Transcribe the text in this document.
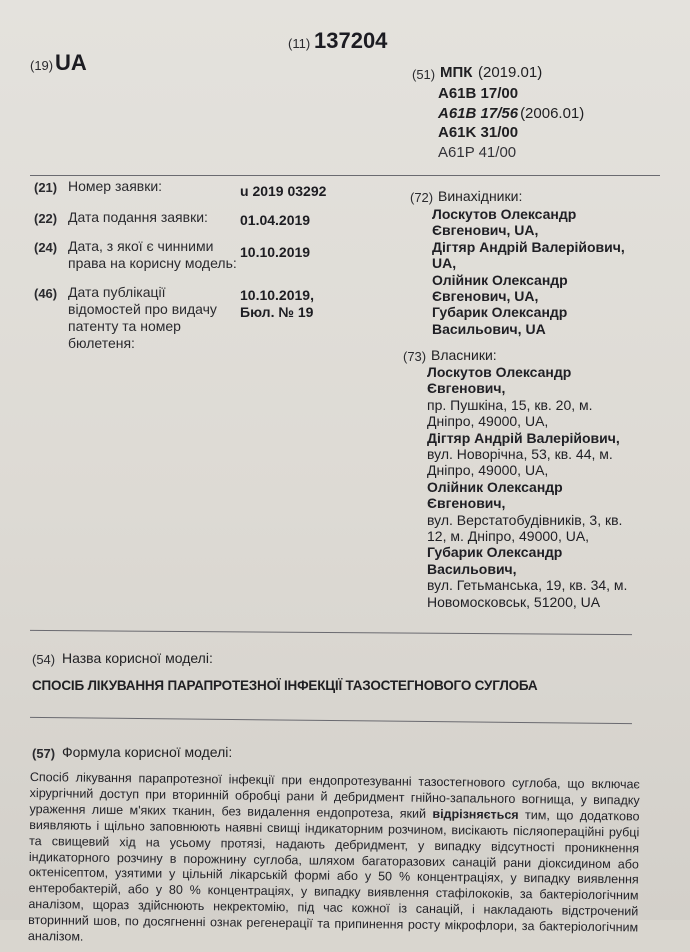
(11) 137204
(19) UA	(51) МПК (2019.01)
A61B 17/00
A61B 17/56 (2006.01)
A61K 31/00
A61P 41/00
(21) Номер заявки:	u 2019 03292
(22) Дата подання заявки:	01.04.2019
(24) Дата, з якої є чинними права на корисну модель:
10.10.2019
(46) Дата публікації відомостей про видачу патенту та номер бюлетеня:
10.10.2019, Бюл. № 19
(72) Винахідники:
Лоскутов Олександр
Євгенович, UA,
Дігтяр Андрій Валерійович,
UA,
Олійник Олександр
Євгенович, UA,
Губарик Олександр
Васильович, UA
(73) Власники:
Лоскутов Олександр
Євгенович,
пр. Пушкіна, 15, кв. 20, м.
Дніпро, 49000, UA,
Дігтяр Андрій Валерійович,
вул. Новорічна, 53, кв. 44, м.
Дніпро, 49000, UA,
Олійник Олександр
Євгенович,
вул. Верстатобудівників, 3, кв.
12, м. Дніпро, 49000, UA,
Губарик Олександр
Васильович,
вул. Гетьманська, 19, кв. 34, м.
Новомосковськ, 51200, UA
(54) Назва корисної моделі:
СПОСІБ ЛІКУВАННЯ ПАРАПРОТЕЗНОЇ ІНФЕКЦІЇ ТАЗОСТЕГНОВОГО СУГЛОБА
(57) Формула корисної моделі:
Спосіб лікування парапротезної інфекції при ендопротезуванні тазостегнового суглоба, що включає хірургічний доступ при вторинній обробці рани й дебридмент гнійно-запального вогнища, у випадку ураження лише м'яких тканин, без видалення ендопротеза, який відрізняється тим, що додатково виявляють і щільно заповнюють наявні свищі індикаторним розчином, висікають післяопераційні рубці та свищевий хід на усьому протязі, надають дебридмент, у випадку відсутності проникнення індикаторного розчину в порожнину суглоба, шляхом багаторазових санацій рани діоксидином або октенісептом, узятими у цільній лікарській формі або у 50 % концентраціях, у випадку виявлення ентеробактерій, або у 80 % концентраціях, у випадку виявлення стафілококів, за бактеріологічним аналізом, щораз здійснюють некректомію, під час кожної із санацій, і накладають відстрочений вторинний шов, по досягненні ознак регенерації та припинення росту мікрофлори, за бактеріологічним аналізом.
